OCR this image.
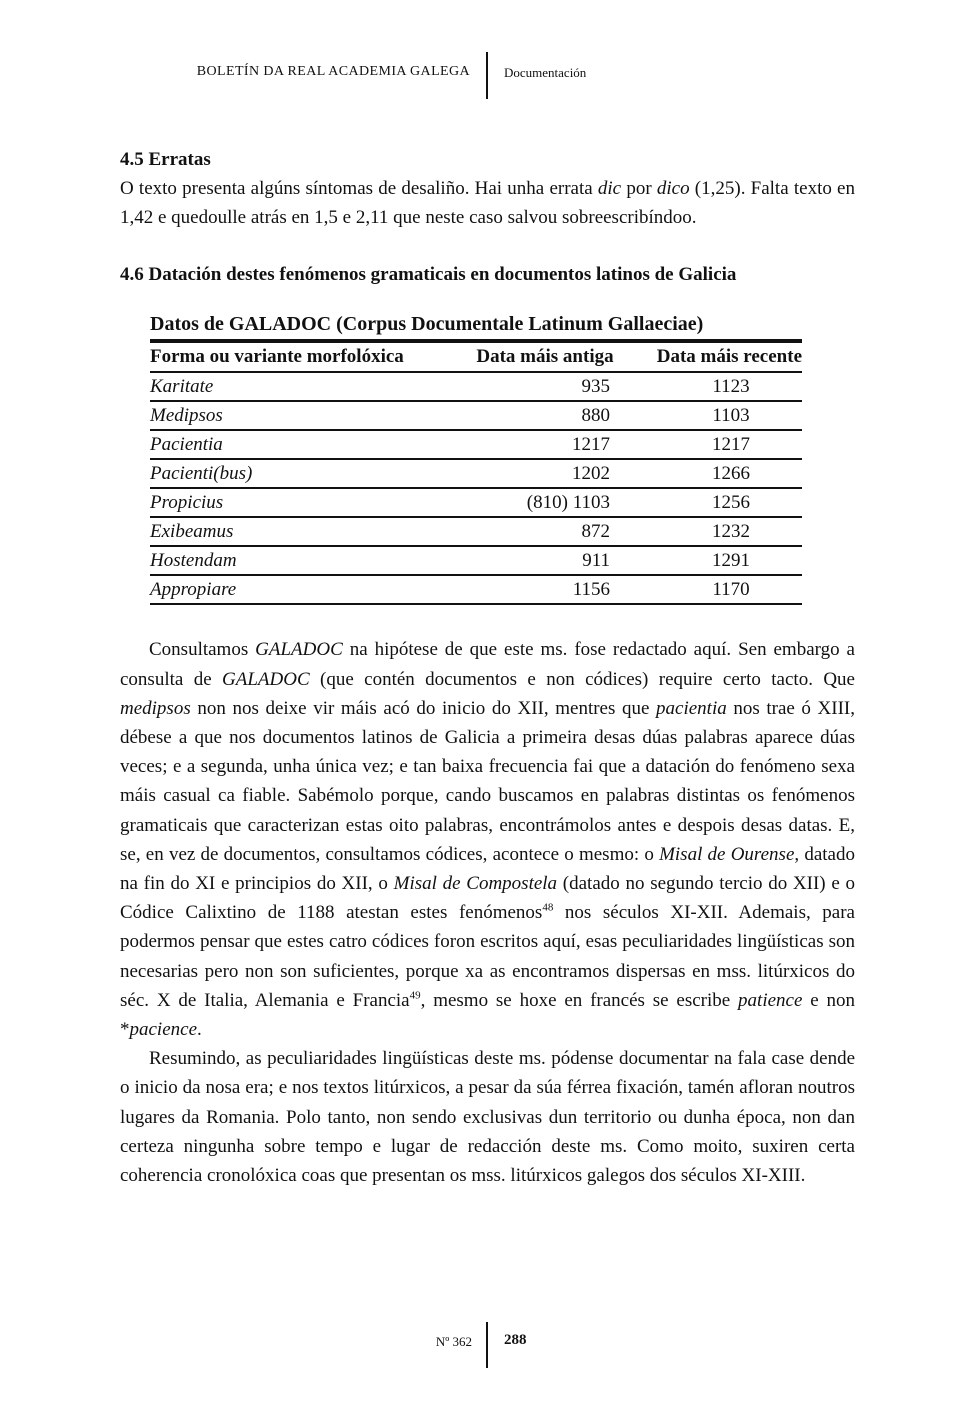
BOLETÍN DA REAL ACADEMIA GALEGA	Documentación
4.5 Erratas

O texto presenta algúns síntomas de desaliño. Hai unha errata dic por dico (1,25). Falta texto en 1,42 e quedoulle atrás en 1,5 e 2,11 que neste caso salvou sobreescribíndoo.

4.6 Datación destes fenómenos gramaticais en documentos latinos de Galicia
Datos de GALADOC (Corpus Documentale Latinum Gallaeciae)
Forma ou variante morfolóxica	Data máis antiga	Data máis recente
Karitate	935	1123
Medipsos	880	1103
Pacientia	1217	1217
Pacienti(bus)	1202	1266
Propicius	(810) 1103	1256
Exibeamus	872	1232
Hostendam	911	1291
Appropiare	1156	1170

Consultamos GALADOC na hipótese de que este ms. fose redactado aquí. Sen embargo a consulta de GALADOC (que contén documentos e non códices) require certo tacto. Que medipsos non nos deixe vir máis acó do inicio do XII, mentres que pacientia nos trae ó XIII, débese a que nos documentos latinos de Galicia a primeira desas dúas palabras aparece dúas veces; e a segunda, unha única vez; e tan baixa frecuencia fai que a datación do fenómeno sexa máis casual ca fiable. Sabémolo porque, cando buscamos en palabras distintas os fenómenos gramaticais que caracterizan estas oito palabras, encontrámolos antes e despois desas datas. E, se, en vez de documentos, consultamos códices, acontece o mesmo: o Misal de Ourense, datado na fin do XI e principios do XII, o Misal de Compostela (datado no segundo tercio do XII) e o Códice Calixtino de 1188 atestan estes fenómenos$^{48}$ nos séculos XI-XII. Ademais, para podermos pensar que estes catro códices foron escritos aquí, esas peculiaridades lingüísticas son necesarias pero non son suficientes, porque xa as encontramos dispersas en mss. litúrxicos do séc. X de Italia, Alemania e Francia$^{49}$, mesmo se hoxe en francés se escribe patience e non *pacience.

Resumindo, as peculiaridades lingüísticas deste ms. pódense documentar na fala case dende o inicio da nosa era; e nos textos litúrxicos, a pesar da súa férrea fixación, tamén afloran noutros lugares da Romania. Polo tanto, non sendo exclusivas dun territorio ou dunha época, non dan certeza ningunha sobre tempo e lugar de redacción deste ms. Como moito, suxiren certa coherencia cronolóxica coas que presentan os mss. litúrxicos galegos dos séculos XI-XIII.

Nº 362 288
